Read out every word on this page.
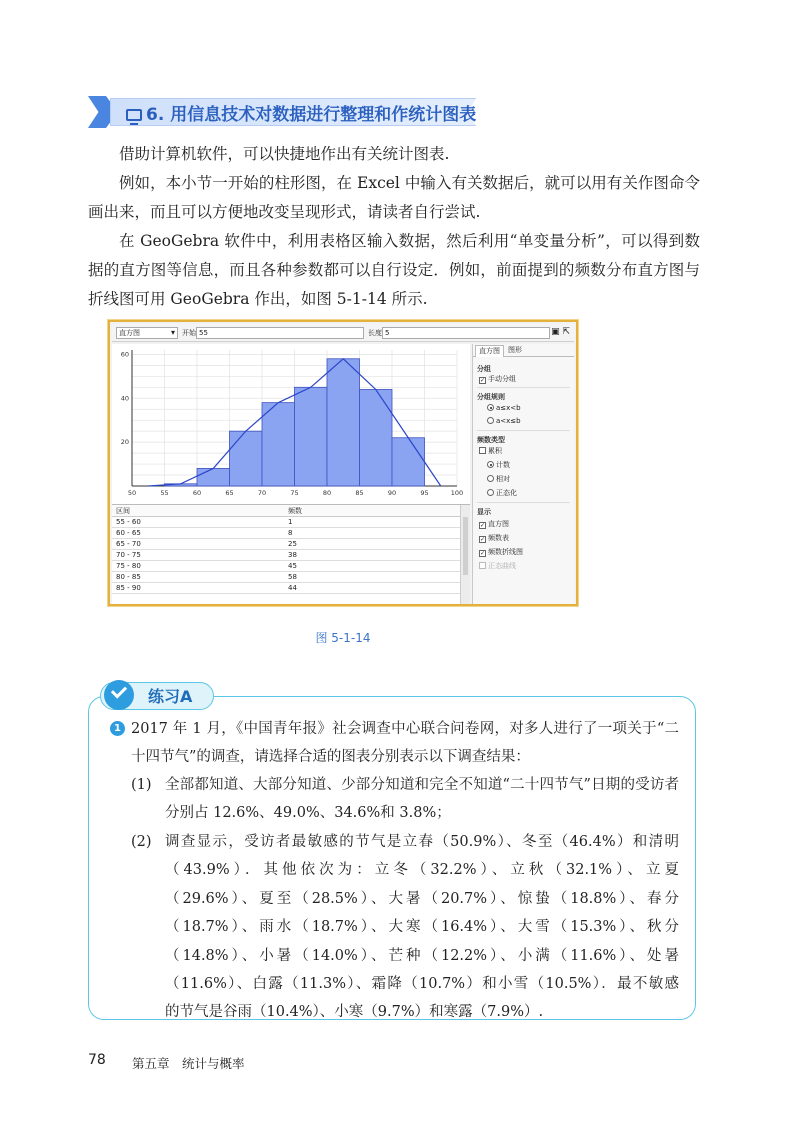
6. 用信息技术对数据进行整理和作统计图表

借助计算机软件，可以快捷地作出有关统计图表.

例如，本小节一开始的柱形图，在 Excel 中输入有关数据后，就可以用有关作图命令画出来，而且可以方便地改变呈现形式，请读者自行尝试.

在 GeoGebra 软件中，利用表格区输入数据，然后利用“单变量分析”，可以得到数据的直方图等信息，而且各种参数都可以自行设定．例如，前面提到的频数分布直方图与折线图可用 GeoGebra 作出，如图 5-1-14 所示.

直方图 ▾	开始 55	长度 5	▣ ⇱
50	55	60	65	70	75	80	85	90	95	100
20
40
60
区间	频数
55 - 60	1
60 - 65	8
65 - 70	25
70 - 75	38
75 - 80	45
80 - 85	58
85 - 90	44
直方图	图形
分组
✓ 手动分组
分组规则
a≤x<b
a<x≤b
频数类型
累积
计数
相对
正态化
显示
✓ 直方图
✓ 频数表
✓ 频数折线图
正态曲线
图 5-1-14
练习A
1 2017 年 1 月，《中国青年报》社会调查中心联合问卷网，对多人进行了一项关于“二十四节气”的调查，请选择合适的图表分别表示以下调查结果：

(1) 全部都知道、大部分知道、少部分知道和完全不知道“二十四节气”日期的受访者分别占 12.6%、49.0%、34.6%和 3.8%；

(2) 调查显示，受访者最敏感的节气是立春（50.9%）、冬至（46.4%）和清明
（43.9%）．其他依次为：立冬（32.2%）、立秋（32.1%）、立夏
（29.6%）、夏至（28.5%）、大暑（20.7%）、惊蛰（18.8%）、春分
（18.7%）、雨水（18.7%）、大寒（16.4%）、大雪（15.3%）、秋分
（14.8%）、小暑（14.0%）、芒种（12.2%）、小满（11.6%）、处暑
（11.6%）、白露（11.3%）、霜降（10.7%）和小雪（10.5%）．最不敏感
的节气是谷雨（10.4%）、小寒（9.7%）和寒露（7.9%）.
78 第五章　统计与概率
